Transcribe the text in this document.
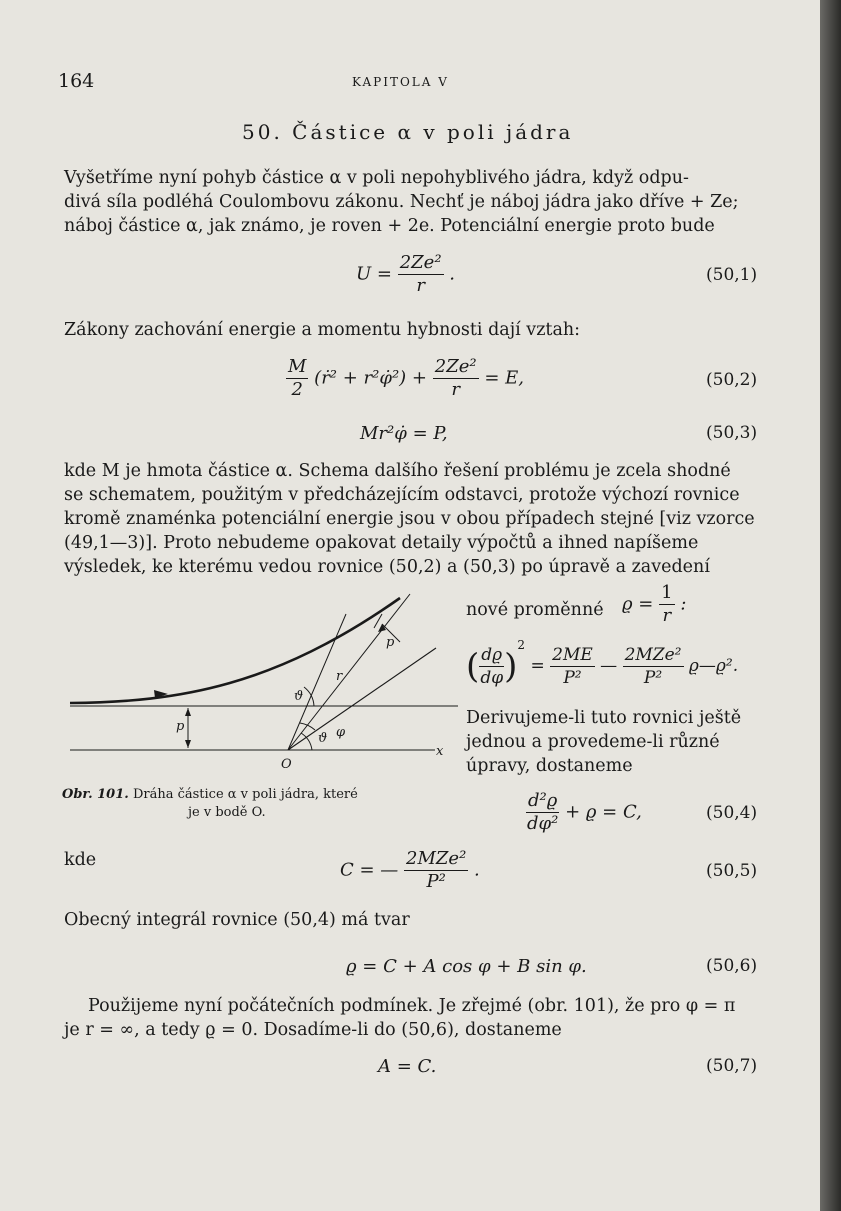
164	KAPITOLA V
50. Částice α v poli jádra
Vyšetříme nyní pohyb částice α v poli nepohyblivého jádra, když odpu-
divá síla podléhá Coulombovu zákonu. Nechť je náboj jádra jako dříve + Ze;
náboj částice α, jak známo, je roven + 2e. Potenciální energie proto bude
$U = \frac{\text{2Ze²}}{r}$ .	(50,1)
Zákony zachování energie a momentu hybnosti dají vztah:
$\frac{M}{2}$ (ṙ² + r²φ̇²) + $\frac{\text{2Ze²}}{r} = E$,	(50,2)
Mr²φ̇ = P,	(50,3)
kde M je hmota částice α. Schema dalšího řešení problému je zcela shodné
se schematem, použitým v předcházejícím odstavci, protože výchozí rovnice
kromě znaménka potenciální energie jsou v obou případech stejné [viz vzorce
(49,1—3)]. Proto nebudeme opakovat detaily výpočtů a ihned napíšeme
výsledek, ke kterému vedou rovnice (50,2) a (50,3) po úpravě a zavedení
p
r
ϑ
ϑ φ
p
O
x
Obr. 101. Dráha částice α v poli jádra, které
je v bodě O.
nové proměnné $ϱ = \frac{1}{r}$ :
( $\frac{dϱ}{d\varphi} )^2 = \frac{2ME}{\text{P²}}$ — $\frac{\text{2MZe²}}{\text{P²}}$ ϱ—ϱ².
Derivujeme-li tuto rovnici ještě
jednou a provedeme-li různé
úpravy, dostaneme
$\frac{\text{d²ϱ}}{\text{dφ²}} + ϱ = C$,	(50,4)
kde	C = — $\frac{\text{2MZe²}}{\text{P²}}$ .	(50,5)
Obecný integrál rovnice (50,4) má tvar
ϱ = C + A cos φ + B sin φ.	(50,6)
Použijeme nyní počátečních podmínek. Je zřejmé (obr. 101), že pro φ = π
je r = ∞, a tedy ϱ = 0. Dosadíme-li do (50,6), dostaneme
A = C.	(50,7)
